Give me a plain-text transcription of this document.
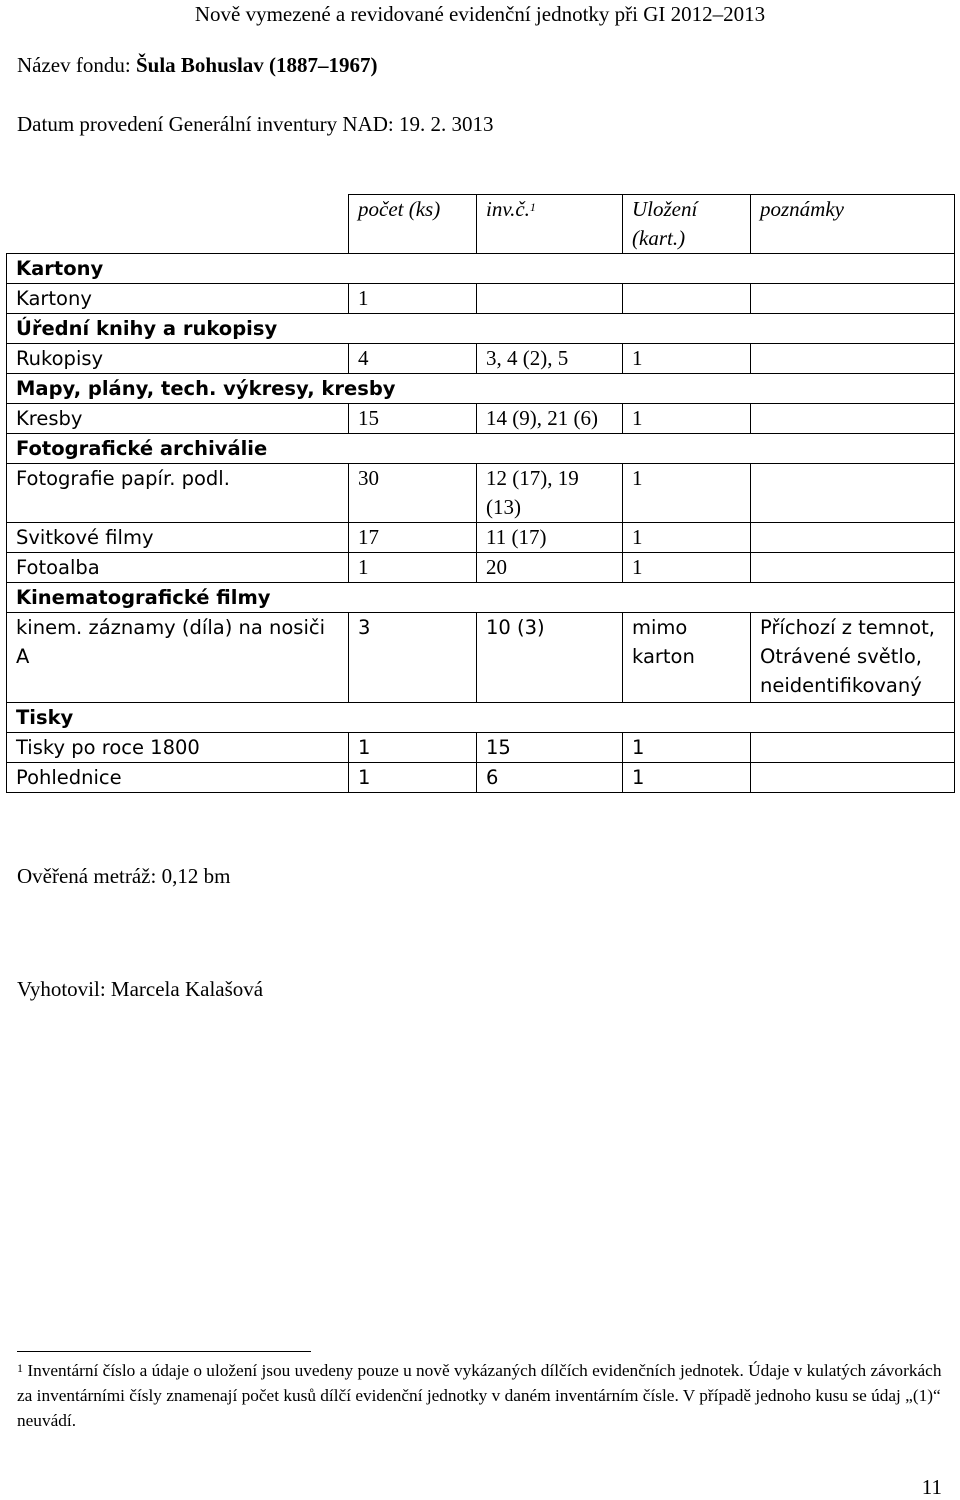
Nově vymezené a revidované evidenční jednotky při GI 2012–2013
Název fondu: Šula Bohuslav (1887–1967)
Datum provedení Generální inventury NAD: 19. 2. 3013
	počet (ks)	inv.č.$^1$	Uložení (kart.)	poznámky
Kartony				
Kartony	1			
Úřední knihy a rukopisy				
Rukopisy	4	3, 4 (2), 5	1	
Mapy, plány, tech. výkresy, kresby				
Kresby	15	14 (9), 21 (6)	1	
Fotografické archiválie				
Fotografie papír. podl.	30	12 (17), 19 (13)	1	
Svitkové filmy	17	11 (17)	1	
Fotoalba	1	20	1	
Kinematografické filmy				
kinem. záznamy (díla) na nosiči A	3	10 (3)	mimo karton	Příchozí z temnot, Otrávené světlo, neidentifikovaný
Tisky				
Tisky po roce 1800	1	15	1	
Pohlednice	1	6	1	
Ověřená metráž: 0,12 bm
Vyhotovil: Marcela Kalašová
$^1$ Inventární číslo a údaje o uložení jsou uvedeny pouze u nově vykázaných dílčích evidenčních jednotek. Údaje v kulatých závorkách za inventárními čísly znamenají počet kusů dílčí evidenční jednotky v daném inventárním čísle. V případě jednoho kusu se údaj „(1)“ neuvádí.
11
